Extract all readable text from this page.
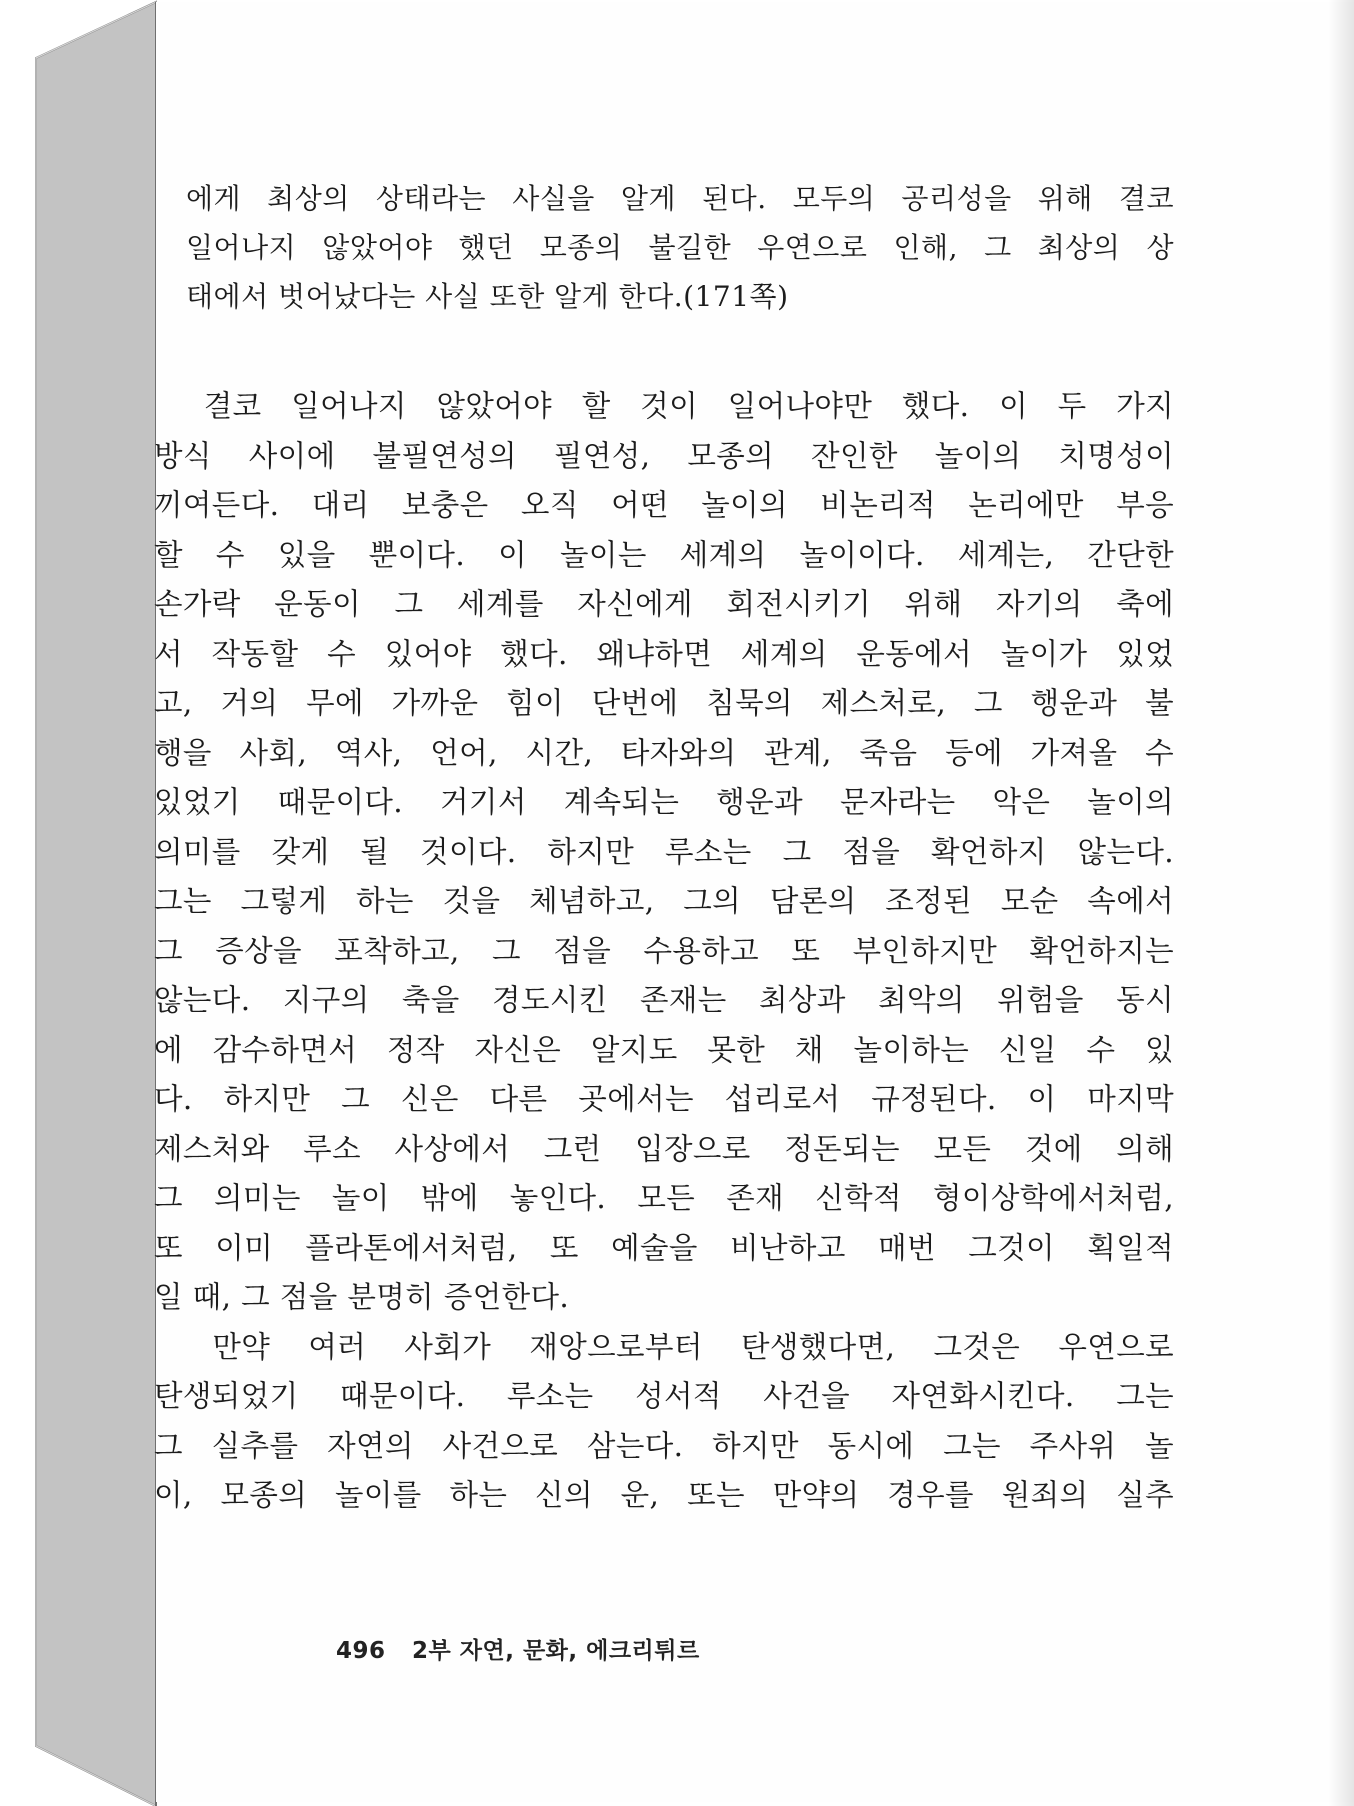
에게 최상의 상태라는 사실을 알게 된다. 모두의 공리성을 위해 결코
일어나지 않았어야 했던 모종의 불길한 우연으로 인해, 그 최상의 상
태에서 벗어났다는 사실 또한 알게 한다.(171쪽)
　결코 일어나지 않았어야 할 것이 일어나야만 했다. 이 두 가지
방식 사이에 불필연성의 필연성, 모종의 잔인한 놀이의 치명성이
끼여든다. 대리 보충은 오직 어떤 놀이의 비논리적 논리에만 부응
할 수 있을 뿐이다. 이 놀이는 세계의 놀이이다. 세계는, 간단한
손가락 운동이 그 세계를 자신에게 회전시키기 위해 자기의 축에
서 작동할 수 있어야 했다. 왜냐하면 세계의 운동에서 놀이가 있었
고, 거의 무에 가까운 힘이 단번에 침묵의 제스처로, 그 행운과 불
행을 사회, 역사, 언어, 시간, 타자와의 관계, 죽음 등에 가져올 수
있었기 때문이다. 거기서 계속되는 행운과 문자라는 악은 놀이의
의미를 갖게 될 것이다. 하지만 루소는 그 점을 확언하지 않는다.
그는 그렇게 하는 것을 체념하고, 그의 담론의 조정된 모순 속에서
그 증상을 포착하고, 그 점을 수용하고 또 부인하지만 확언하지는
않는다. 지구의 축을 경도시킨 존재는 최상과 최악의 위험을 동시
에 감수하면서 정작 자신은 알지도 못한 채 놀이하는 신일 수 있
다. 하지만 그 신은 다른 곳에서는 섭리로서 규정된다. 이 마지막
제스처와 루소 사상에서 그런 입장으로 정돈되는 모든 것에 의해
그 의미는 놀이 밖에 놓인다. 모든 존재 신학적 형이상학에서처럼,
또 이미 플라톤에서처럼, 또 예술을 비난하고 매번 그것이 획일적
일 때, 그 점을 분명히 증언한다.
　만약 여러 사회가 재앙으로부터 탄생했다면, 그것은 우연으로
탄생되었기 때문이다. 루소는 성서적 사건을 자연화시킨다. 그는
그 실추를 자연의 사건으로 삼는다. 하지만 동시에 그는 주사위 놀
이, 모종의 놀이를 하는 신의 운, 또는 만약의 경우를 원죄의 실추
496 2부 자연, 문화, 에크리튀르
